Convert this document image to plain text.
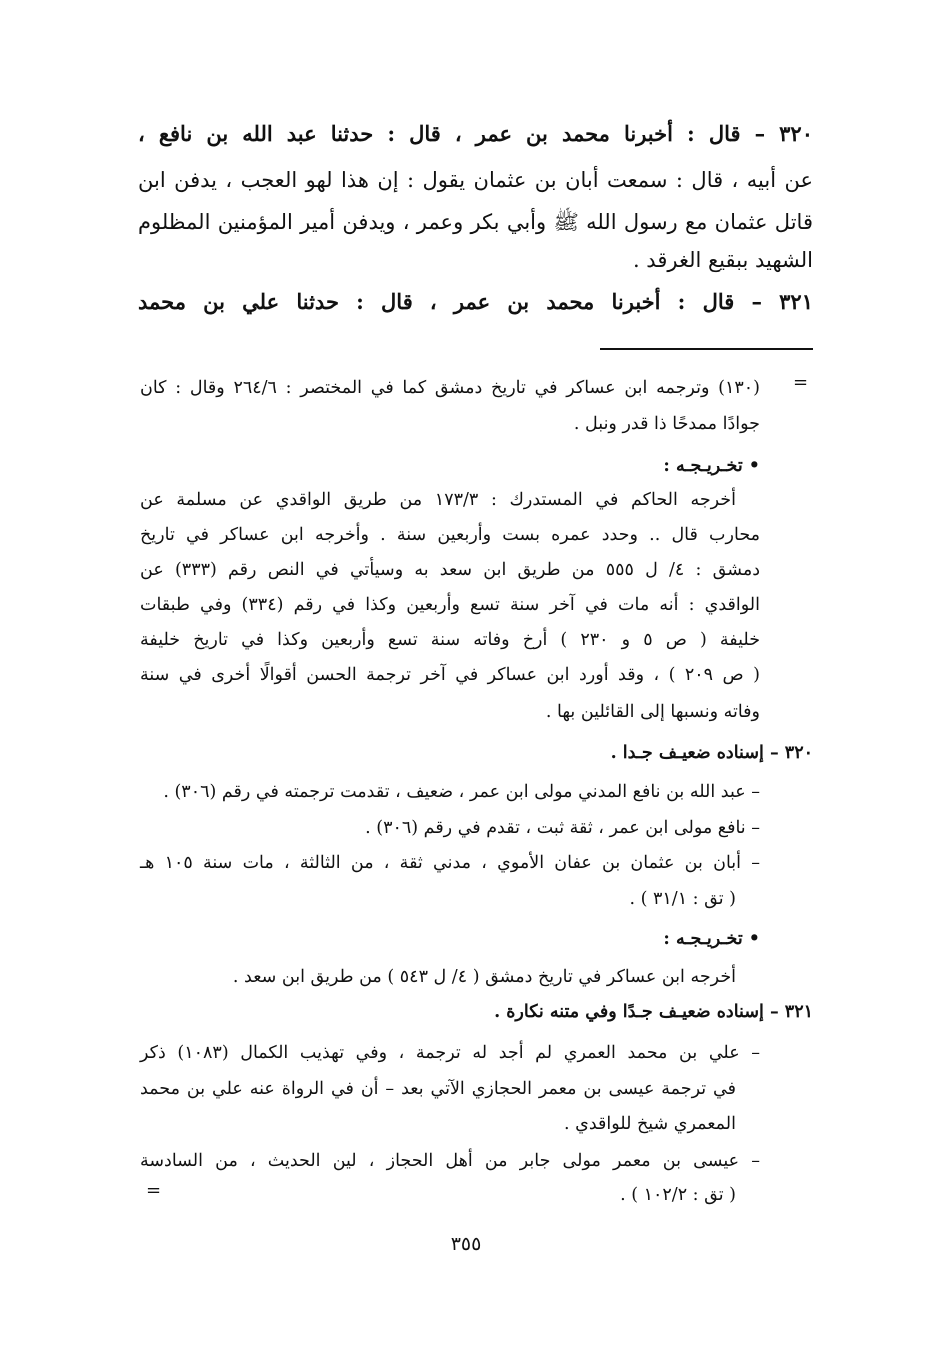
٣٢٠ – قال : أخبرنا محمد بن عمر ، قال : حدثنا عبد الله بن نافع ،
عن أبيه ، قال : سمعت أبان بن عثمان يقول : إن هذا لهو العجب ، يدفن ابن
قاتل عثمان مع رسول الله ﷺ وأبي بكر وعمر ، ويدفن أمير المؤمنين المظلوم
الشهيد ببقيع الغرقد .
٣٢١ – قال : أخبرنا محمد بن عمر ، قال : حدثنا علي بن محمد
=
(١٣٠) وترجمه ابن عساكر في تاريخ دمشق كما في المختصر : ٢٦٤/٦ وقال : كان
جوادًا ممدحًا ذا قدر ونبل .
• تخـريـجـه :
أخرجه الحاكم في المستدرك : ١٧٣/٣ من طريق الواقدي عن مسلمة عن
محارب قال .. وحدد عمره بست وأربعين سنة . وأخرجه ابن عساكر في تاريخ
دمشق : ٤/ ل ٥٥٥ من طريق ابن سعد به وسيأتي في النص رقم (٣٣٣) عن
الواقدي : أنه مات في آخر سنة تسع وأربعين وكذا في رقم (٣٣٤) وفي طبقات
خليفة ( ص ٥ و ٢٣٠ ) أرخ وفاته سنة تسع وأربعين وكذا في تاريخ خليفة
( ص ٢٠٩ ) ، وقد أورد ابن عساكر في آخر ترجمة الحسن أقوالًا أخرى في سنة
وفاته ونسبها إلى القائلين بها .
٣٢٠ – إسناده ضعيـف جـدا .
– عبد الله بن نافع المدني مولى ابن عمر ، ضعيف ، تقدمت ترجمته في رقم (٣٠٦) .
– نافع مولى ابن عمر ، ثقة ثبت ، تقدم في رقم (٣٠٦) .
– أبان بن عثمان بن عفان الأموي ، مدني ثقة ، من الثالثة ، مات سنة ١٠٥ هـ
( تق : ٣١/١ ) .
• تخـريـجـه :
أخرجه ابن عساكر في تاريخ دمشق ( ٤/ ل ٥٤٣ ) من طريق ابن سعد .
٣٢١ – إسناده ضعيـف جـدًا وفي متنه نكارة .
– علي بن محمد العمري لم أجد له ترجمة ، وفي تهذيب الكمال (١٠٨٣) ذكر
في ترجمة عيسى بن معمر الحجازي الآتي بعد – أن في الرواة عنه علي بن محمد
المعمري شيخ للواقدي .
– عيسى بن معمر مولى جابر من أهل الحجاز ، لين الحديث ، من السادسة
( تق : ١٠٢/٢ ) .
=
٣٥٥
